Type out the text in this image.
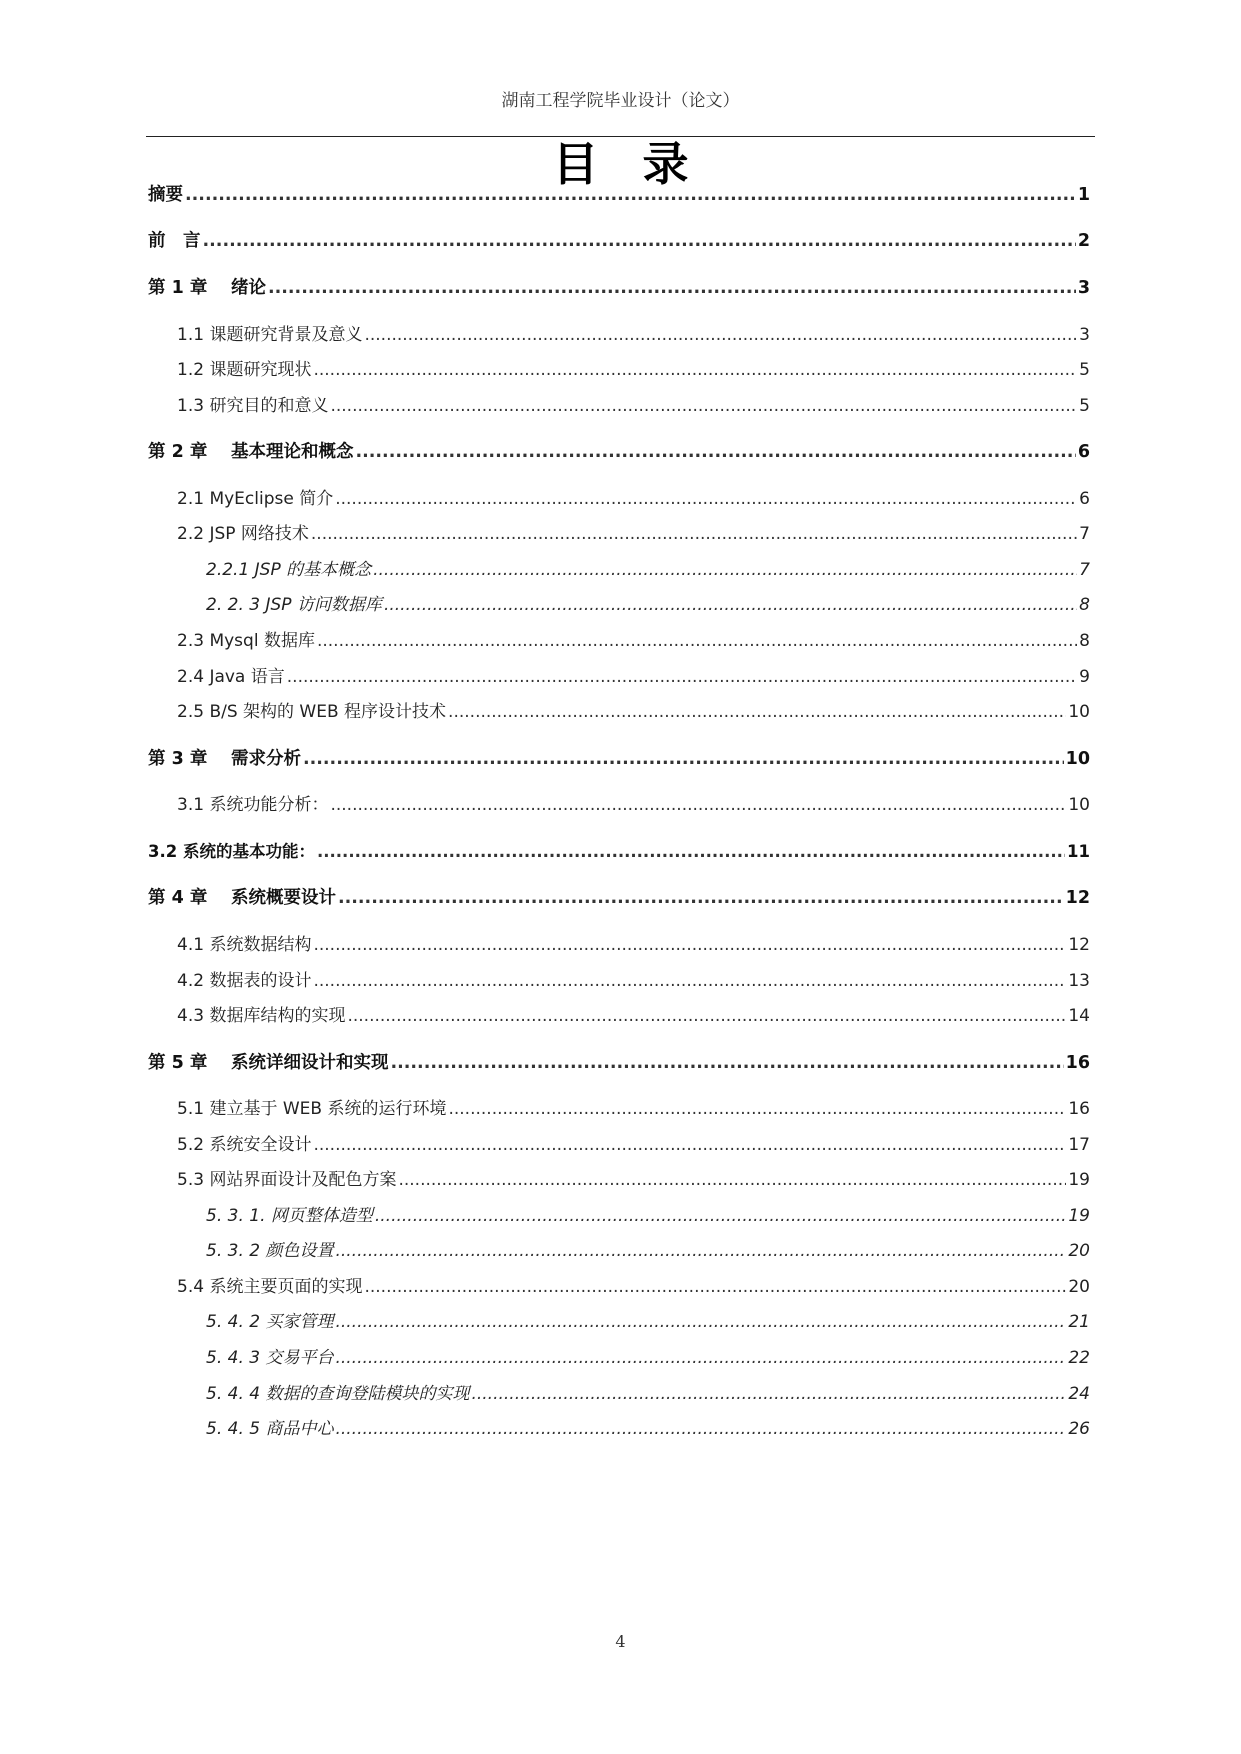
湖南工程学院毕业设计（论文）
目录
摘要 .....	1
前　言 .....	2
第 1 章　 绪论 .....	3
1.1 课题研究背景及意义 .....	3
1.2 课题研究现状 .....	5
1.3 研究目的和意义 .....	5
第 2 章　 基本理论和概念 .....	6
2.1 MyEclipse 简介 .....	6
2.2 JSP 网络技术 .....	7
2.2.1 JSP 的基本概念 .....	7
2. 2. 3 JSP 访问数据库 .....	8
2.3 Mysql 数据库 .....	8
2.4 Java 语言 .....	9
2.5 B/S 架构的 WEB 程序设计技术 .....	10
第 3 章　 需求分析 .....	10
3.1 系统功能分析： .....	10
3.2 系统的基本功能： .....	11
第 4 章　 系统概要设计 .....	12
4.1 系统数据结构 .....	12
4.2 数据表的设计 .....	13
4.3 数据库结构的实现 .....	14
第 5 章　 系统详细设计和实现 .....	16
5.1 建立基于 WEB 系统的运行环境 .....	16
5.2 系统安全设计 .....	17
5.3 网站界面设计及配色方案 .....	19
5. 3. 1. 网页整体造型 .....	19
5. 3. 2 颜色设置 .....	20
5.4 系统主要页面的实现 .....	20
5. 4. 2 买家管理 .....	21
5. 4. 3 交易平台 .....	22
5. 4. 4 数据的查询登陆模块的实现 .....	24
5. 4. 5 商品中心 .....	26
4
